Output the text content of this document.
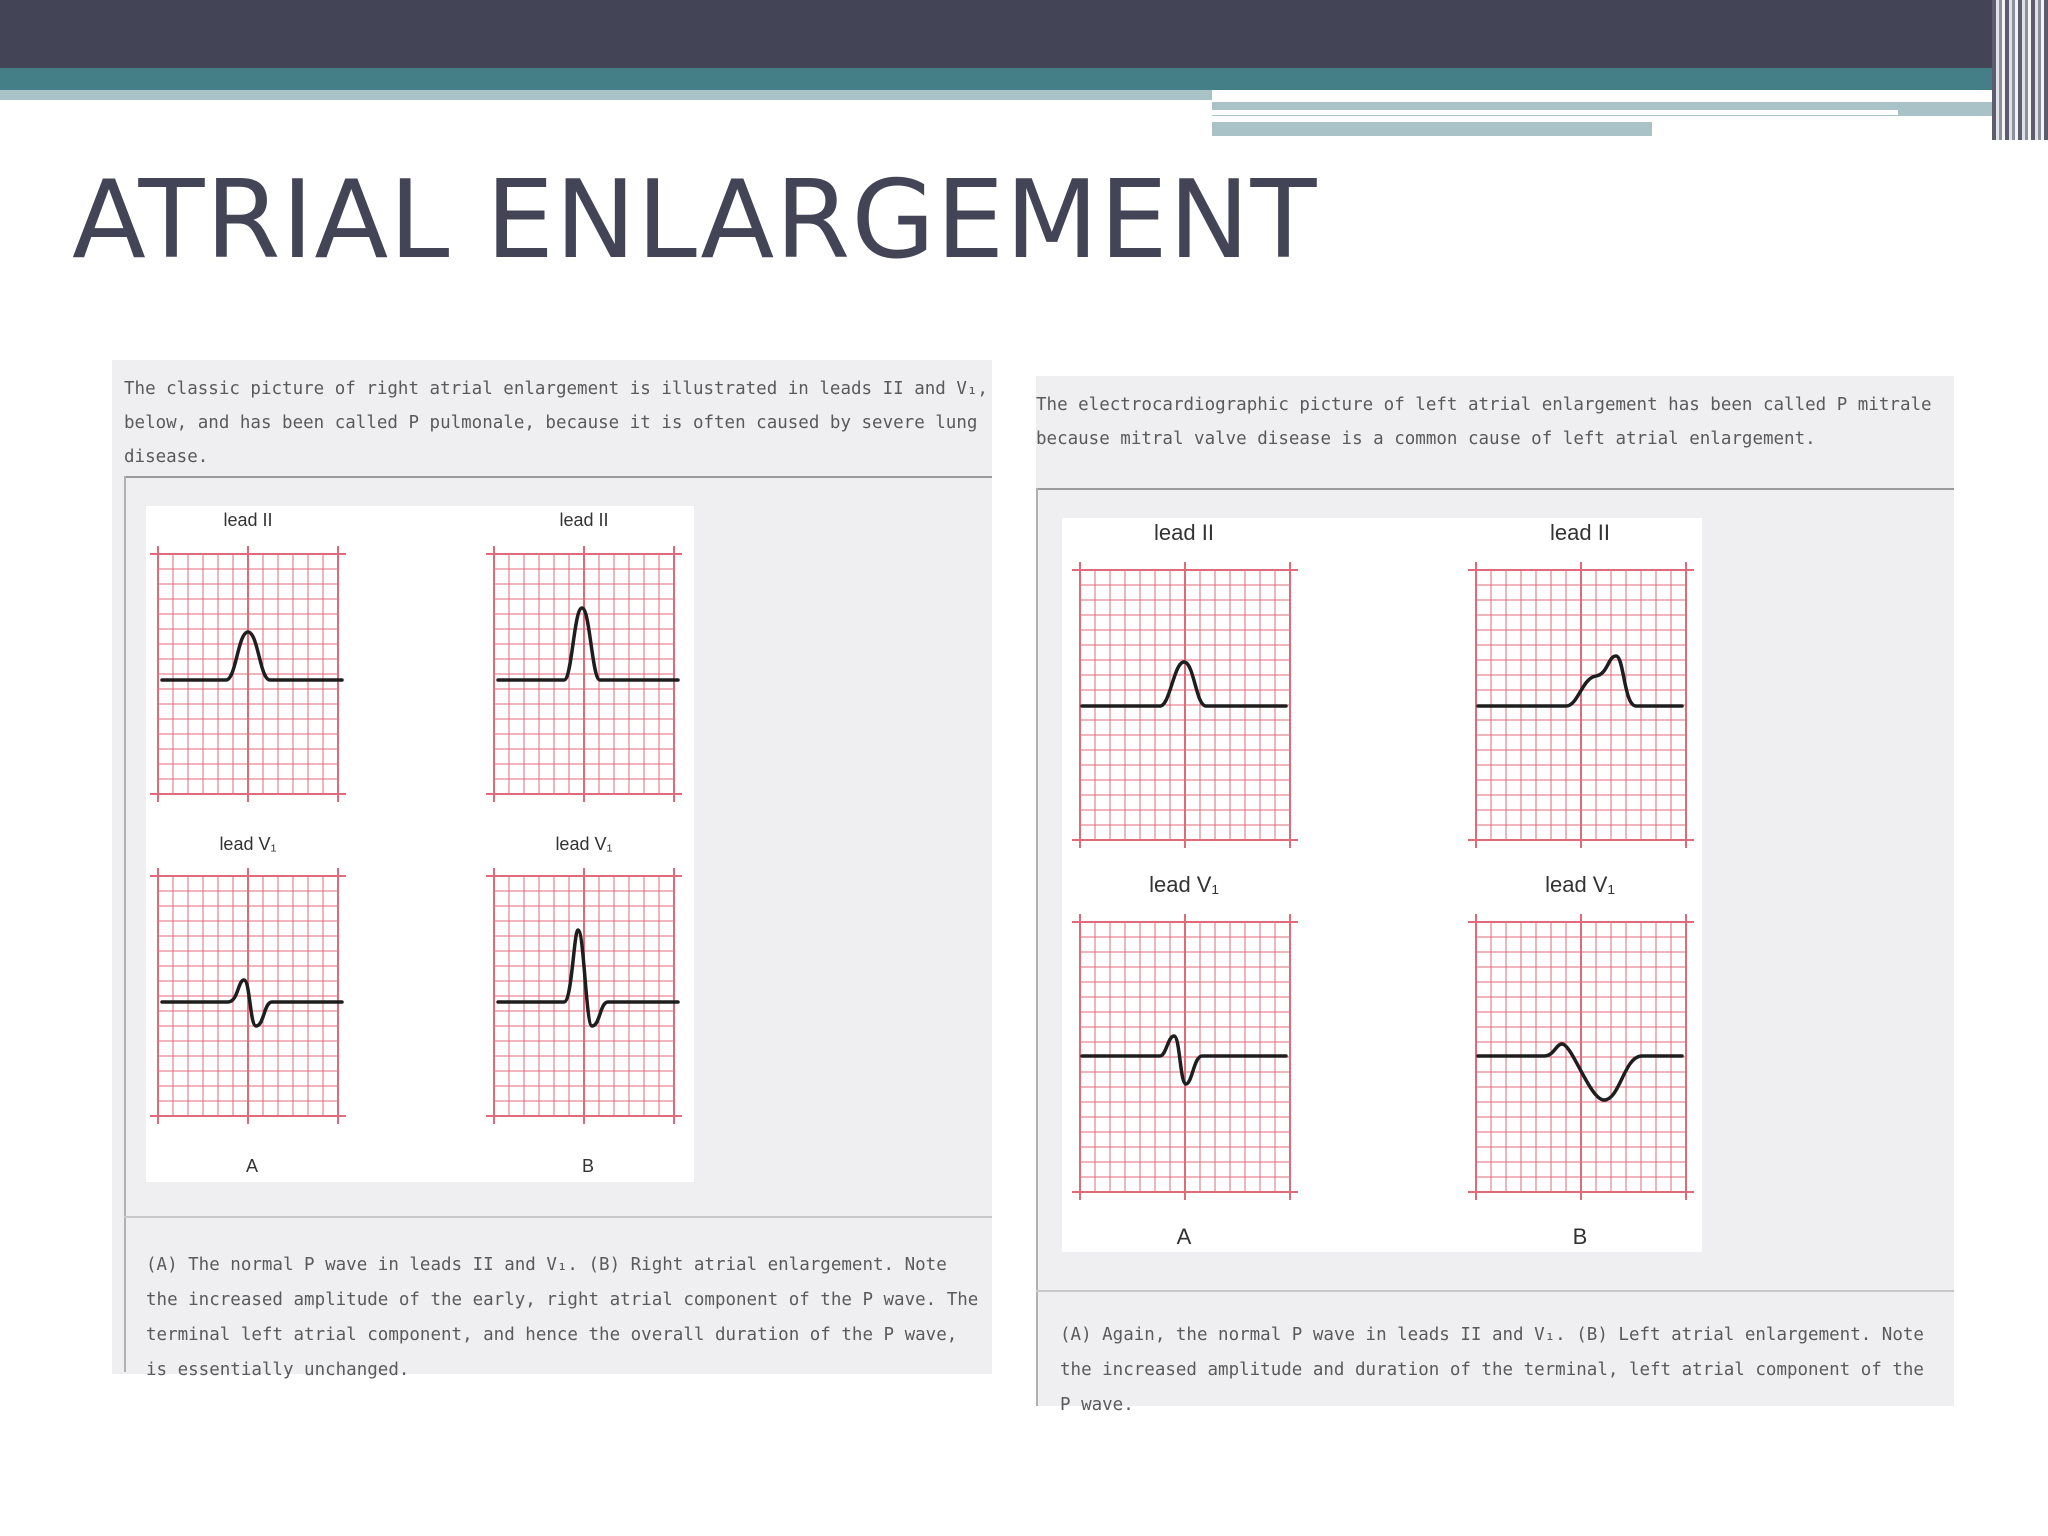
ATRIAL ENLARGEMENT

The classic picture of right atrial enlargement is illustrated in leads II and V₁, below, and has been called P pulmonale, because it is often caused by severe lung disease.

lead II	lead II
lead V₁	lead V₁
A	B

(A) The normal P wave in leads II and V₁. (B) Right atrial enlargement. Note the increased amplitude of the early, right atrial component of the P wave. The terminal left atrial component, and hence the overall duration of the P wave, is essentially unchanged.

The electrocardiographic picture of left atrial enlargement has been called P mitrale because mitral valve disease is a common cause of left atrial enlargement.

lead II	lead II
lead V₁	lead V₁
A	B

(A) Again, the normal P wave in leads II and V₁. (B) Left atrial enlargement. Note the increased amplitude and duration of the terminal, left atrial component of the P wave.
